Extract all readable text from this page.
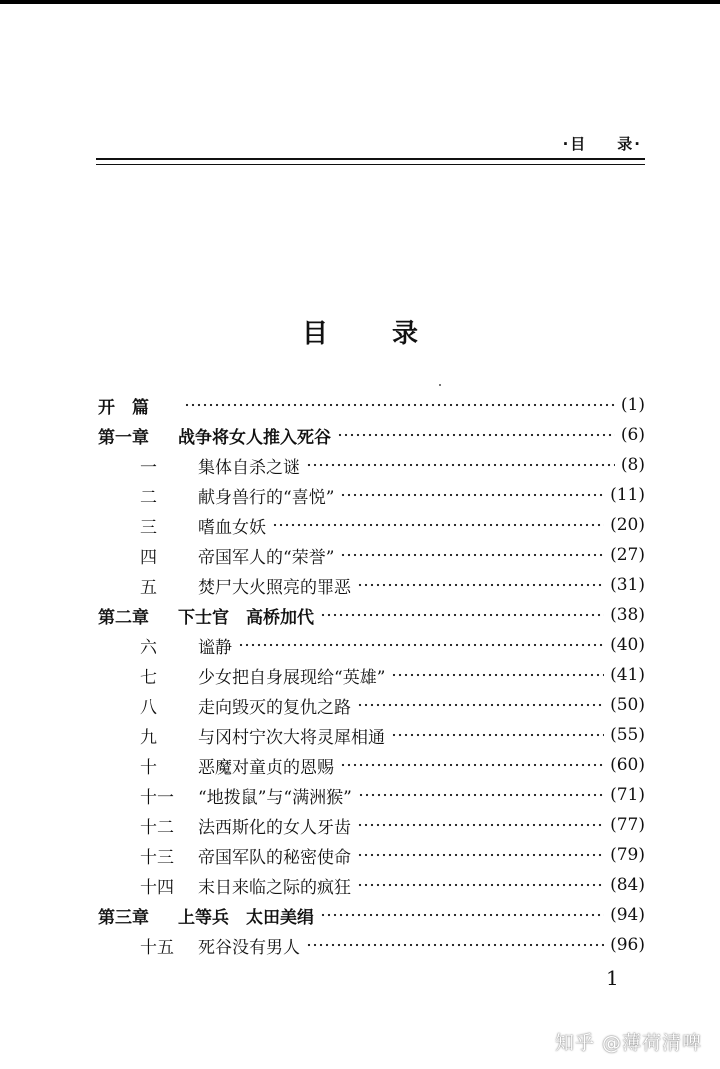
·目 录·
目 录
开　篇	(1)
第一章	战争将女人推入死谷	(6)
一	集体自杀之谜	(8)
二	献身兽行的“喜悦”	(11)
三	嗜血女妖	(20)
四	帝国军人的“荣誉”	(27)
五	焚尸大火照亮的罪恶	(31)
第二章	下士官　高桥加代	(38)
六	谧静	(40)
七	少女把自身展现给“英雄”	(41)
八	走向毁灭的复仇之路	(50)
九	与冈村宁次大将灵犀相通	(55)
十	恶魔对童贞的恩赐	(60)
十一	“地拨鼠”与“满洲猴”	(71)
十二	法西斯化的女人牙齿	(77)
十三	帝国军队的秘密使命	(79)
十四	末日来临之际的疯狂	(84)
第三章	上等兵　太田美绢	(94)
十五	死谷没有男人	(96)
1
知乎 @薄荷清啤
